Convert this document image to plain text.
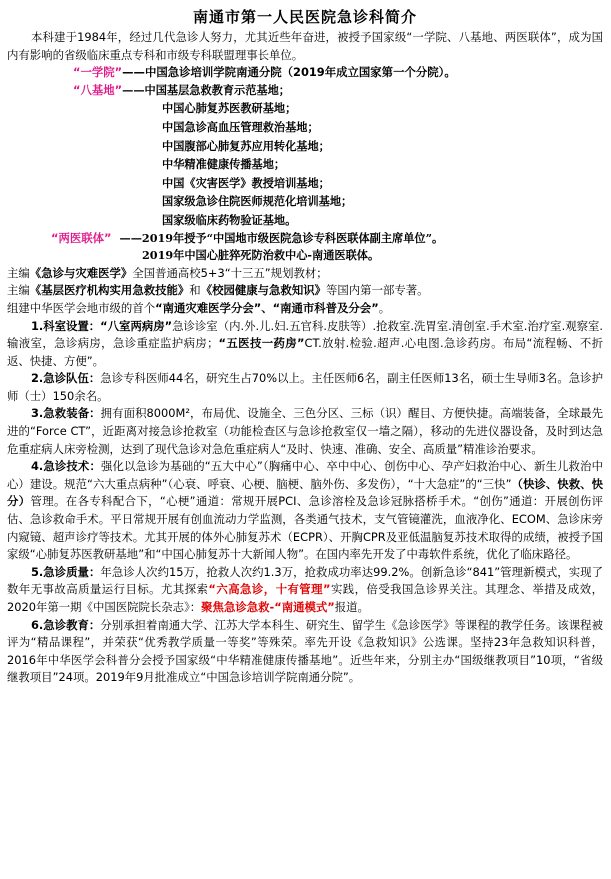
南通市第一人民医院急诊科简介

本科建于1984年，经过几代急诊人努力，尤其近些年奋进，被授予国家级“一学院、八基地、两医联体”，成为国内有影响的省级临床重点专科和市级专科联盟理事长单位。

“一学院” ——中国急诊培训学院南通分院（2019年成立国家第一个分院）。
“八基地” ——中国基层急救教育示范基地；
中国心肺复苏医教研基地；
中国急诊高血压管理救治基地；
中国腹部心肺复苏应用转化基地；
中华精准健康传播基地；
中国《灾害医学》教授培训基地；
国家级急诊住院医师规范化培训基地；
国家级临床药物验证基地。
“两医联体” ——2019年授予“中国地市级医院急诊专科医联体副主席单位”。
2019年中国心脏猝死防治救中心-南通医联体。
主编《急诊与灾难医学》全国普通高校5+3“十三五”规划教材；
主编《基层医疗机构实用急救技能》和《校园健康与急救知识》等国内第一部专著。
组建中华医学会地市级的首个“南通灾难医学分会”、“南通市科普及分会”。

1.科室设置：“八室两病房”急诊诊室（内.外.儿.妇.五官科.皮肤等）.抢救室.洗胃室.清创室.手术室.治疗室.观察室.输液室，急诊病房，急诊重症监护病房；“五医技一药房”CT.放射.检验.超声.心电图.急诊药房。布局“流程畅、不折返、快捷、方便”。

2.急诊队伍：急诊专科医师44名，研究生占70%以上。主任医师6名，副主任医师13名，硕士生导师3名。急诊护师（士）150余名。

3.急救装备：拥有面积8000M²，布局优、设施全、三色分区、三标（识）醒目、方便快捷。高端装备，全球最先进的“Force CT”，近距离对接急诊抢救室（功能检查区与急诊抢救室仅一墙之隔），移动的先进仪器设备，及时到达急危重症病人床旁检测，达到了现代急诊对急危重症病人“及时、快速、准确、安全、高质量”精准诊治要求。

4.急诊技术：强化以急诊为基础的“五大中心”（胸痛中心、卒中中心、创伤中心、孕产妇救治中心、新生儿救治中心）建设。规范“六大重点病种”（心衰、呼衰、心梗、脑梗、脑外伤、多发伤），“十大急症”的“三快”（快诊、快救、快分）管理。在各专科配合下，“心梗”通道：常规开展PCI、急诊溶栓及急诊冠脉搭桥手术。“创伤”通道：开展创伤评估、急诊救命手术。平日常规开展有创血流动力学监测，各类通气技术，支气管镜灌洗，血液净化、ECOM、急诊床旁内窥镜、超声诊疗等技术。尤其开展的体外心肺复苏术（ECPR）、开胸CPR及亚低温脑复苏技术取得的成绩，被授予国家级“心肺复苏医教研基地”和“中国心肺复苏十大新闻人物”。在国内率先开发了中毒软件系统，优化了临床路径。

5.急诊质量：年急诊人次约15万，抢救人次约1.3万，抢救成功率达99.2%。创新急诊“841”管理新模式，实现了数年无事故高质量运行目标。尤其探索“六高急诊，十有管理”实践，倍受我国急诊界关注。其理念、举措及成效，2020年第一期《中国医院院长杂志》：聚焦急诊急救-“南通模式”报道。

6.急诊教育：分别承担着南通大学、江苏大学本科生、研究生、留学生《急诊医学》等课程的教学任务。该课程被评为“精品课程”，并荣获“优秀教学质量一等奖”等殊荣。率先开设《急救知识》公选课。坚持23年急救知识科普，2016年中华医学会科普分会授予国家级“中华精准健康传播基地”。近些年来，分别主办“国级继教项目”10项，“省级继教项目”24项。2019年9月批准成立“中国急诊培训学院南通分院”。
